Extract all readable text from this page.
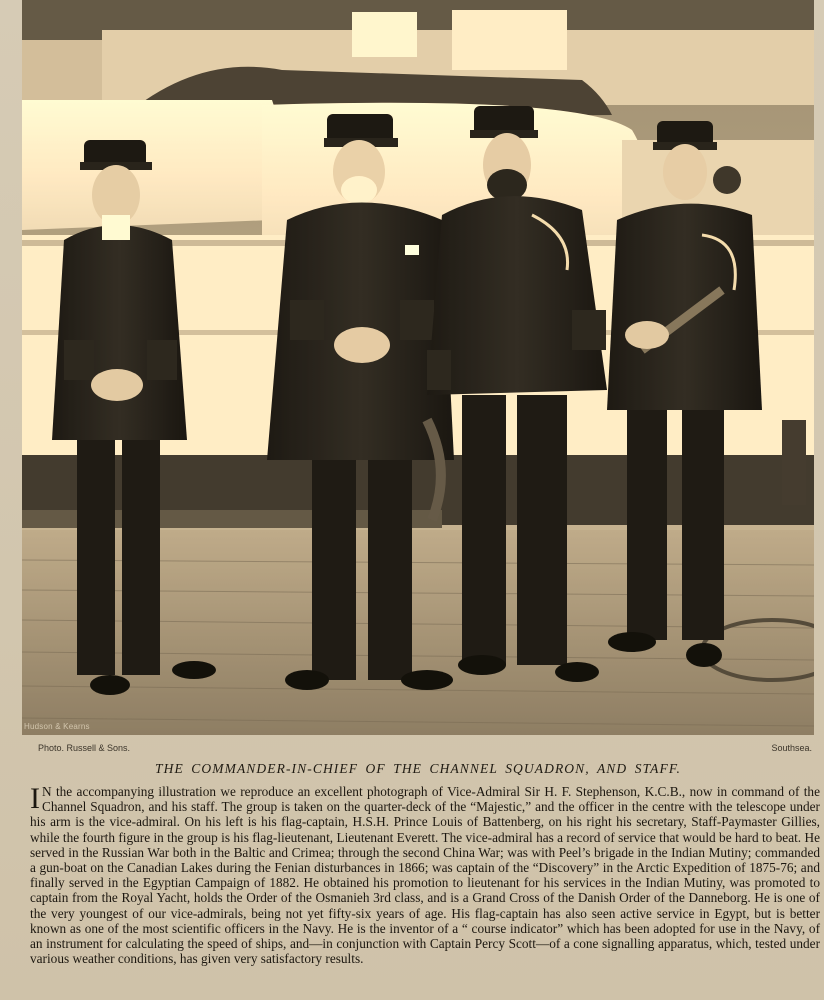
Hudson & Kearns
Photo. Russell & Sons.	Southsea.
THE COMMANDER-IN-CHIEF OF THE CHANNEL SQUADRON, AND STAFF.
I N the accompanying illustration we reproduce an excellent photograph of Vice-Admiral Sir H. F. Stephenson, K.C.B., now in command of the Channel Squadron, and his staff. The group is taken on the quarter-deck of the “Majestic,” and the officer in the centre with the telescope under his arm is the vice-admiral. On his left is his flag-captain, H.S.H. Prince Louis of Battenberg, on his right his secretary, Staff-Paymaster Gillies, while the fourth figure in the group is his flag-lieutenant, Lieutenant Everett. The vice-admiral has a record of service that would be hard to beat. He served in the Russian War both in the Baltic and Crimea; through the second China War; was with Peel’s brigade in the Indian Mutiny; commanded a gun-boat on the Canadian Lakes during the Fenian disturbances in 1866; was captain of the “Discovery” in the Arctic Expedition of 1875-76; and finally served in the Egyptian Campaign of 1882. He obtained his promotion to lieutenant for his services in the Indian Mutiny, was promoted to captain from the Royal Yacht, holds the Order of the Osmanieh 3rd class, and is a Grand Cross of the Danish Order of the Danneborg. He is one of the very youngest of our vice-admirals, being not yet fifty-six years of age. His flag-captain has also seen active service in Egypt, but is better known as one of the most scientific officers in the Navy. He is the inventor of a “ course indicator” which has been adopted for use in the Navy, of an instrument for calculating the speed of ships, and—in conjunction with Captain Percy Scott—of a cone signalling apparatus, which, tested under various weather conditions, has given very satisfactory results.
